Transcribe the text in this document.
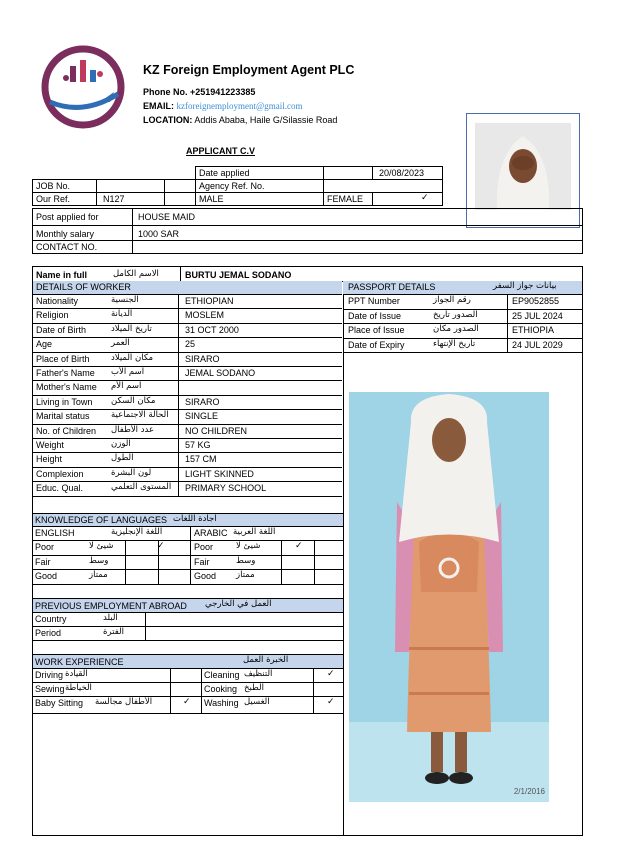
KZ Foreign Employment Agent PLC
Phone No. +251941223385
EMAIL: kzforeignemployment@gmail.com
LOCATION: Addis Ababa, Haile G/Silassie Road
APPLICANT C.V
Date applied	20/08/2023
JOB No.	Agency Ref. No.
Our Ref.	N127	MALE	FEMALE	✓
Post applied for	HOUSE MAID
Monthly salary	1000 SAR
CONTACT NO.
Name in full	الاسم الكامل	BURTU JEMAL SODANO
DETAILS OF WORKER
Nationality	الجنسية	ETHIOPIAN
Religion	الديانة	MOSLEM
Date of Birth	تاريخ الميلاد	31 OCT 2000
Age	العمر	25
Place of Birth	مكان الميلاد	SIRARO
Father's Name اسم الأب	JEMAL SODANO
Mother's Name اسم الأم
Living in Town مكان السكن	SIRARO
Marital status	الحالة الاجتماعية SINGLE
No. of Children عدد الأطفال	NO CHILDREN
Weight	الوزن	57 KG
Height	الطول	157 CM
Complexion	لون البشرة	LIGHT SKINNED
Educ. Qual.	المستوى التعلمي PRIMARY SCHOOL
PASSPORT DETAILS	بيانات جواز السفر
PPT Number	رقم الجواز	EP9052855
Date of Issue	الصدور تاريخ	25 JUL 2024
Place of Issue	الصدور مكان	ETHIOPIA
Date of Expiry	تاريخ الإنتهاء	24 JUL 2029
2/1/2016
KNOWLEDGE OF LANGUAGES اجادة اللغات
ENGLISH	اللغة الإنجليزية	ARABIC اللغة العربية
Poor	شيئ لا	✓	Poor	شيئ لا	✓
Fair	وسط	Fair	وسط
Good	ممتاز	Good ممتاز
PREVIOUS EMPLOYMENT ABROAD العمل في الخارجي
Country	البلد
Period	الفترة
WORK EXPERIENCE	الخبرة العمل
Driving القيادة	Cleaning التنظيف	✓
Sewing الخياطة	Cooking الطبخ
Baby Sitting الأطفال مجالسة	✓ Washing الغسيل	✓
